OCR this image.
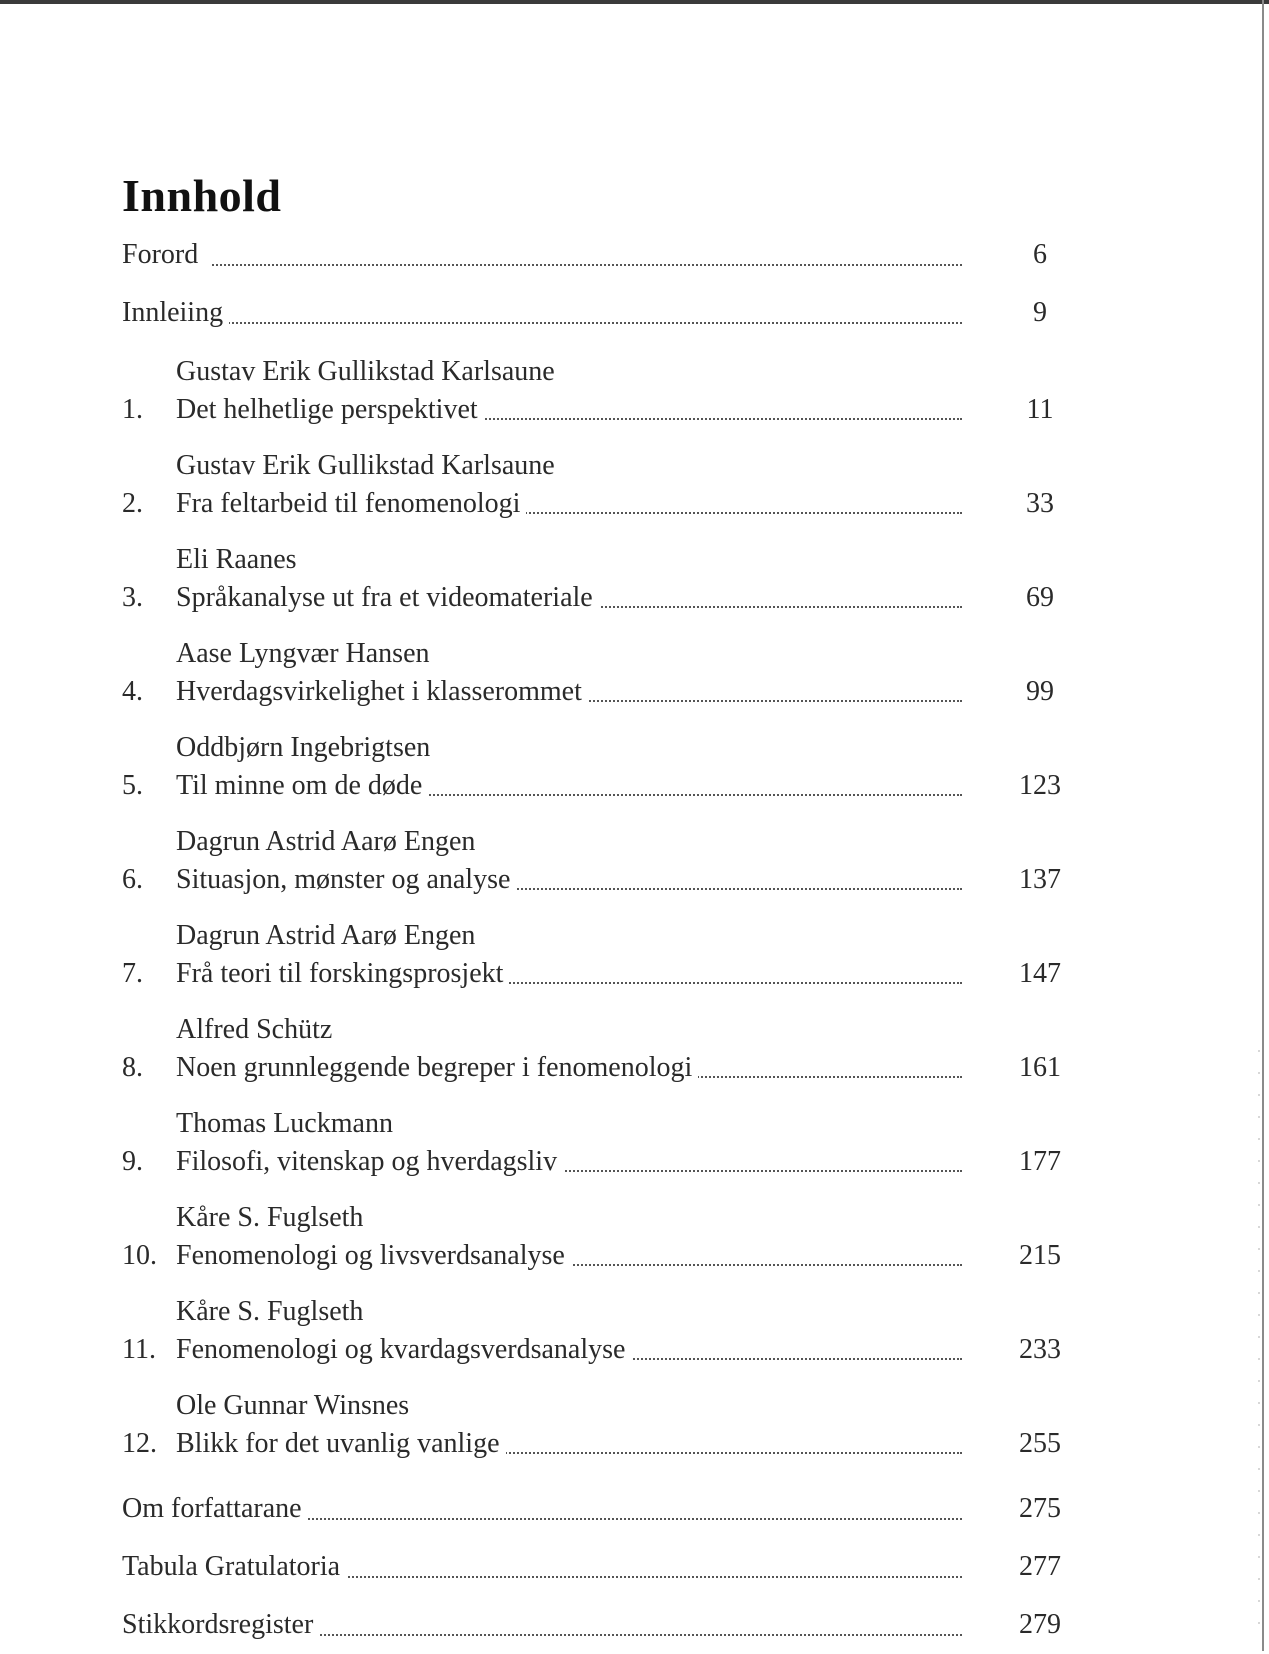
Innhold
Forord	6
Innleiing	9
Gustav Erik Gullikstad Karlsaune
1. Det helhetlige perspektivet	11
Gustav Erik Gullikstad Karlsaune
2. Fra feltarbeid til fenomenologi	33
Eli Raanes
3. Språkanalyse ut fra et videomateriale	69
Aase Lyngvær Hansen
4. Hverdagsvirkelighet i klasserommet	99
Oddbjørn Ingebrigtsen
5. Til minne om de døde	123
Dagrun Astrid Aarø Engen
6. Situasjon, mønster og analyse	137
Dagrun Astrid Aarø Engen
7. Frå teori til forskingsprosjekt	147
Alfred Schütz
8. Noen grunnleggende begreper i fenomenologi	161
Thomas Luckmann
9. Filosofi, vitenskap og hverdagsliv	177
Kåre S. Fuglseth
10. Fenomenologi og livsverdsanalyse	215
Kåre S. Fuglseth
11. Fenomenologi og kvardagsverdsanalyse	233
Ole Gunnar Winsnes
12. Blikk for det uvanlig vanlige	255
Om forfattarane	275
Tabula Gratulatoria	277
Stikkordsregister	279
